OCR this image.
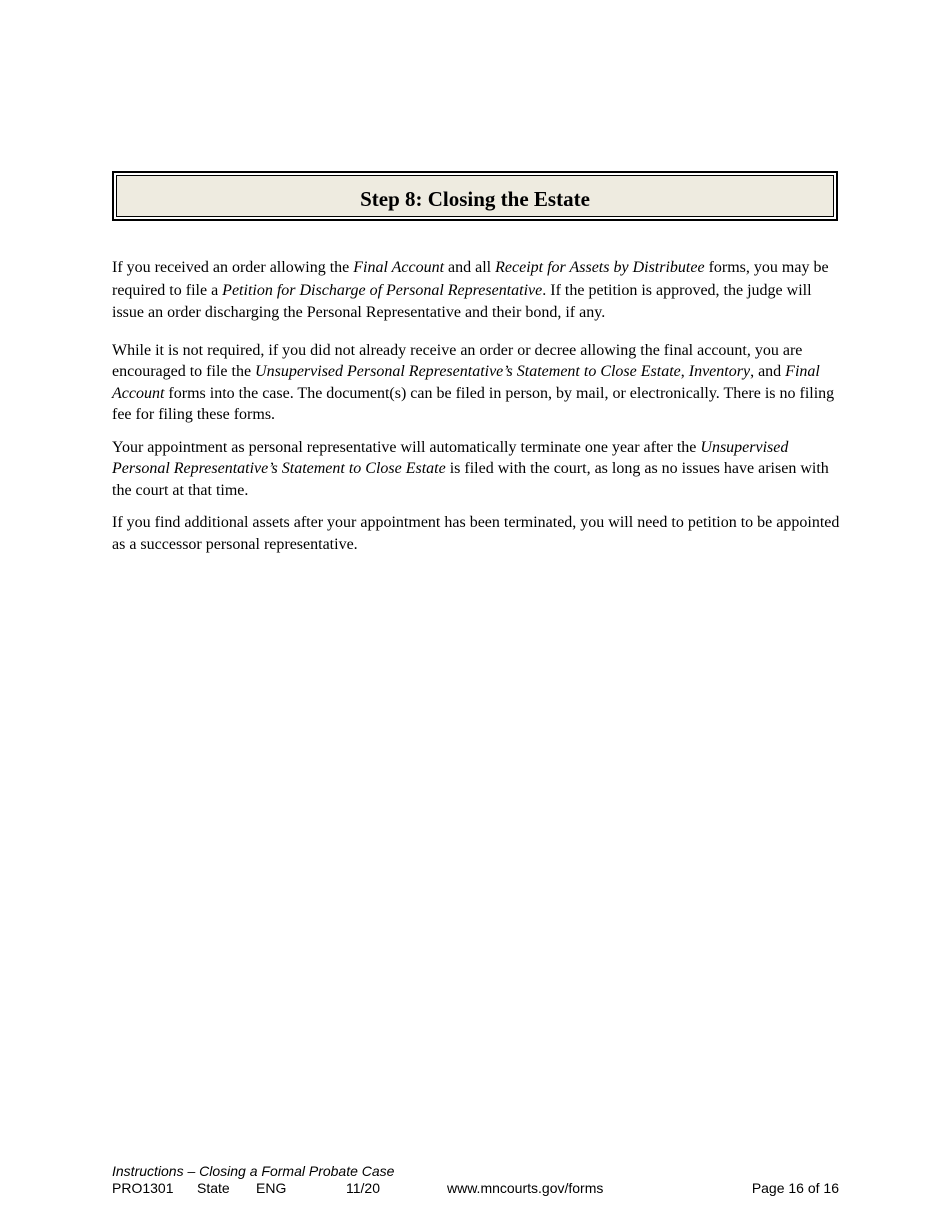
Step 8: Closing the Estate

If you received an order allowing the Final Account and all Receipt for Assets by Distributee forms, you may be required to file a Petition for Discharge of Personal Representative. If the petition is approved, the judge will issue an order discharging the Personal Representative and their bond, if any.

While it is not required, if you did not already receive an order or decree allowing the final account, you are encouraged to file the Unsupervised Personal Representative’s Statement to Close Estate, Inventory, and Final Account forms into the case. The document(s) can be filed in person, by mail, or electronically. There is no filing fee for filing these forms.

Your appointment as personal representative will automatically terminate one year after the Unsupervised Personal Representative’s Statement to Close Estate is filed with the court, as long as no issues have arisen with the court at that time.

If you find additional assets after your appointment has been terminated, you will need to petition to be appointed as a successor personal representative.

Instructions – Closing a Formal Probate Case
PRO1301 State ENG	11/20	www.mncourts.gov/forms	Page 16 of 16
